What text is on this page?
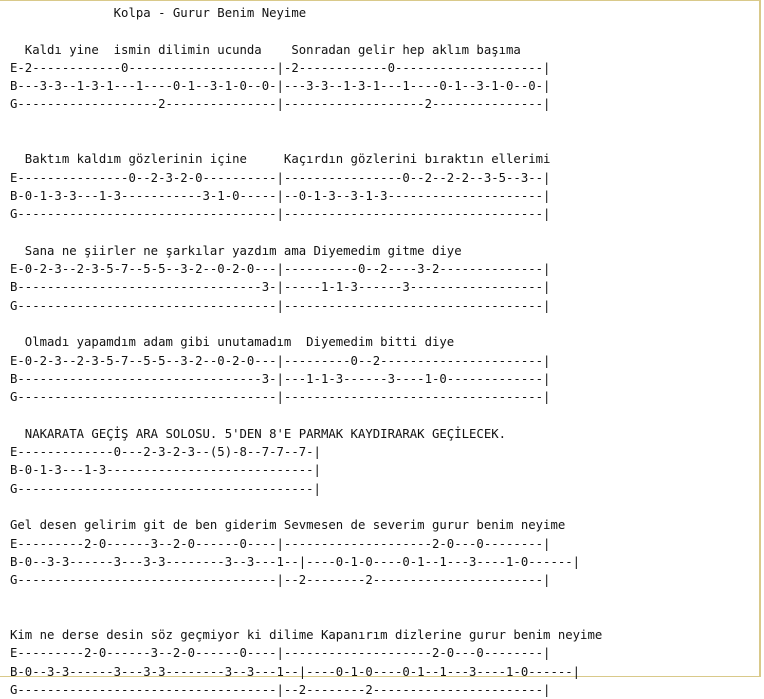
Kolpa - Gurur Benim Neyime
Kaldı yine  ismin dilimin ucunda    Sonradan gelir hep aklım başıma
E-2------------0--------------------|-2------------0--------------------|
B---3-3--1-3-1---1----0-1--3-1-0--0-|---3-3--1-3-1---1----0-1--3-1-0--0-|
G-------------------2---------------|-------------------2---------------|
Baktım kaldım gözlerinin içine     Kaçırdın gözlerini bıraktın ellerimi
E---------------0--2-3-2-0----------|----------------0--2--2-2--3-5--3--|
B-0-1-3-3---1-3-----------3-1-0-----|--0-1-3--3-1-3---------------------|
G-----------------------------------|-----------------------------------|
Sana ne şiirler ne şarkılar yazdım ama Diyemedim gitme diye
E-0-2-3--2-3-5-7--5-5--3-2--0-2-0---|----------0--2----3-2--------------|
B---------------------------------3-|-----1-1-3------3------------------|
G-----------------------------------|-----------------------------------|
Olmadı yapamdım adam gibi unutamadım  Diyemedim bitti diye
E-0-2-3--2-3-5-7--5-5--3-2--0-2-0---|---------0--2----------------------|
B---------------------------------3-|---1-1-3------3----1-0-------------|
G-----------------------------------|-----------------------------------|
NAKARATA GEÇİŞ ARA SOLOSU. 5'DEN 8'E PARMAK KAYDIRARAK GEÇİLECEK.
E-------------0---2-3-2-3--(5)-8--7-7--7-|
B-0-1-3---1-3----------------------------|
G----------------------------------------|
Gel desen gelirim git de ben giderim Sevmesen de severim gurur benim neyime
E---------2-0------3--2-0------0----|--------------------2-0---0--------|
B-0--3-3------3---3-3--------3--3---1--|----0-1-0----0-1--1---3----1-0------|
G-----------------------------------|--2--------2-----------------------|
Kim ne derse desin söz geçmiyor ki dilime Kapanırım dizlerine gurur benim neyime
E---------2-0------3--2-0------0----|--------------------2-0---0--------|
B-0--3-3------3---3-3--------3--3---1--|----0-1-0----0-1--1---3----1-0------|
G-----------------------------------|--2--------2-----------------------|
